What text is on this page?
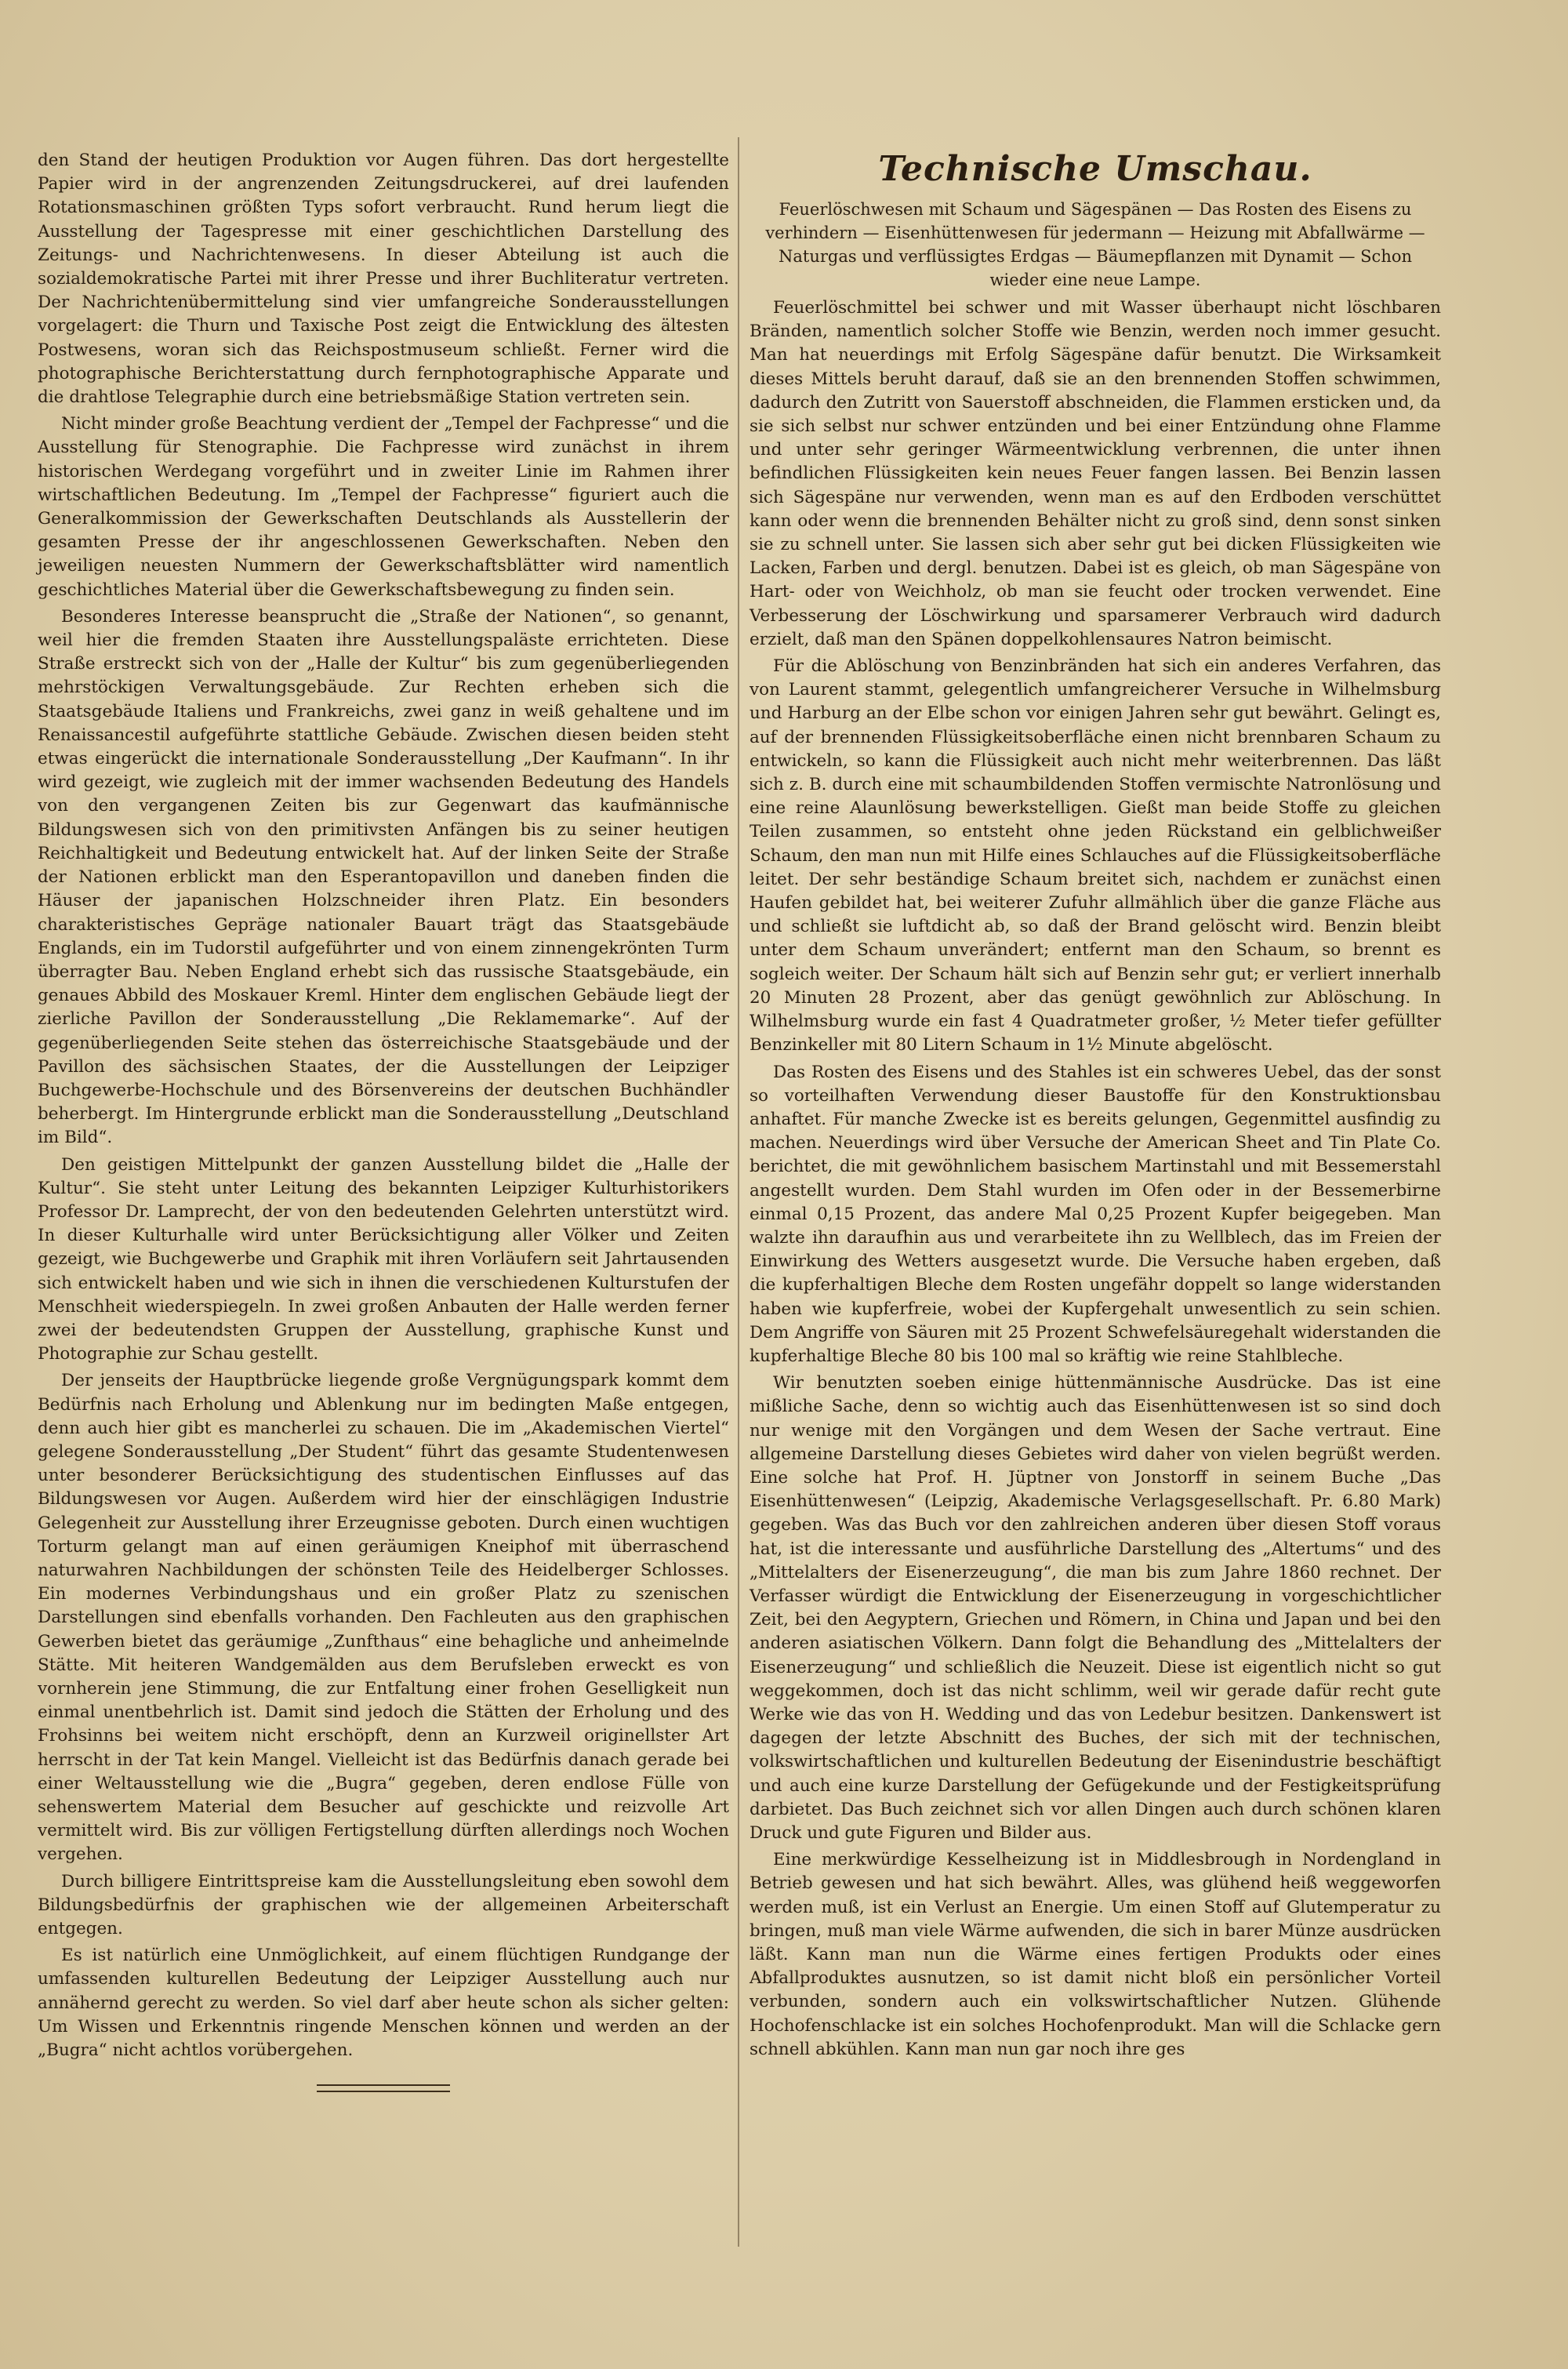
den Stand der heutigen Produktion vor Augen führen. Das dort hergestellte Papier wird in der angrenzenden Zeitungsdruckerei, auf drei laufenden Rotationsmaschinen größten Typs sofort verbraucht. Rund herum liegt die Ausstellung der Tagespresse mit einer geschichtlichen Darstellung des Zeitungs- und Nachrichtenwesens. In dieser Abteilung ist auch die sozialdemokratische Partei mit ihrer Presse und ihrer Buchliteratur vertreten. Der Nachrichtenübermittelung sind vier umfangreiche Sonderausstellungen vorgelagert: die Thurn und Taxische Post zeigt die Entwicklung des ältesten Postwesens, woran sich das Reichspostmuseum schließt. Ferner wird die photographische Berichterstattung durch fernphotographische Apparate und die drahtlose Telegraphie durch eine betriebsmäßige Station vertreten sein.

Nicht minder große Beachtung verdient der „Tempel der Fachpresse“ und die Ausstellung für Stenographie. Die Fachpresse wird zunächst in ihrem historischen Werdegang vorgeführt und in zweiter Linie im Rahmen ihrer wirtschaftlichen Bedeutung. Im „Tempel der Fachpresse“ figuriert auch die Generalkommission der Gewerkschaften Deutschlands als Ausstellerin der gesamten Presse der ihr angeschlossenen Gewerkschaften. Neben den jeweiligen neuesten Nummern der Gewerkschaftsblätter wird namentlich geschichtliches Material über die Gewerkschaftsbewegung zu finden sein.

Besonderes Interesse beansprucht die „Straße der Nationen“, so genannt, weil hier die fremden Staaten ihre Ausstellungspaläste errichteten. Diese Straße erstreckt sich von der „Halle der Kultur“ bis zum gegenüberliegenden mehrstöckigen Verwaltungsgebäude. Zur Rechten erheben sich die Staatsgebäude Italiens und Frankreichs, zwei ganz in weiß gehaltene und im Renaissancestil aufgeführte stattliche Gebäude. Zwischen diesen beiden steht etwas eingerückt die internationale Sonderausstellung „Der Kaufmann“. In ihr wird gezeigt, wie zugleich mit der immer wachsenden Bedeutung des Handels von den vergangenen Zeiten bis zur Gegenwart das kaufmännische Bildungswesen sich von den primitivsten Anfängen bis zu seiner heutigen Reichhaltigkeit und Bedeutung entwickelt hat. Auf der linken Seite der Straße der Nationen erblickt man den Esperantopavillon und daneben finden die Häuser der japanischen Holzschneider ihren Platz. Ein besonders charakteristisches Gepräge nationaler Bauart trägt das Staatsgebäude Englands, ein im Tudorstil aufgeführter und von einem zinnengekrönten Turm überragter Bau. Neben England erhebt sich das russische Staatsgebäude, ein genaues Abbild des Moskauer Kreml. Hinter dem englischen Gebäude liegt der zierliche Pavillon der Sonderausstellung „Die Reklamemarke“. Auf der gegenüberliegenden Seite stehen das österreichische Staatsgebäude und der Pavillon des sächsischen Staates, der die Ausstellungen der Leipziger Buchgewerbe-Hochschule und des Börsenvereins der deutschen Buchhändler beherbergt. Im Hintergrunde erblickt man die Sonderausstellung „Deutschland im Bild“.

Den geistigen Mittelpunkt der ganzen Ausstellung bildet die „Halle der Kultur“. Sie steht unter Leitung des bekannten Leipziger Kulturhistorikers Professor Dr. Lamprecht, der von den bedeutenden Gelehrten unterstützt wird. In dieser Kulturhalle wird unter Berücksichtigung aller Völker und Zeiten gezeigt, wie Buchgewerbe und Graphik mit ihren Vorläufern seit Jahrtausenden sich entwickelt haben und wie sich in ihnen die verschiedenen Kulturstufen der Menschheit wiederspiegeln. In zwei großen Anbauten der Halle werden ferner zwei der bedeutendsten Gruppen der Ausstellung, graphische Kunst und Photographie zur Schau gestellt.

Der jenseits der Hauptbrücke liegende große Vergnügungspark kommt dem Bedürfnis nach Erholung und Ablenkung nur im bedingten Maße entgegen, denn auch hier gibt es mancherlei zu schauen. Die im „Akademischen Viertel“ gelegene Sonderausstellung „Der Student“ führt das gesamte Studentenwesen unter besonderer Berücksichtigung des studentischen Einflusses auf das Bildungswesen vor Augen. Außerdem wird hier der einschlägigen Industrie Gelegenheit zur Ausstellung ihrer Erzeugnisse geboten. Durch einen wuchtigen Torturm gelangt man auf einen geräumigen Kneiphof mit überraschend naturwahren Nachbildungen der schönsten Teile des Heidelberger Schlosses. Ein modernes Verbindungshaus und ein großer Platz zu szenischen Darstellungen sind ebenfalls vorhanden. Den Fachleuten aus den graphischen Gewerben bietet das geräumige „Zunfthaus“ eine behagliche und anheimelnde Stätte. Mit heiteren Wandgemälden aus dem Berufsleben erweckt es von vornherein jene Stimmung, die zur Entfaltung einer frohen Geselligkeit nun einmal unentbehrlich ist. Damit sind jedoch die Stätten der Erholung und des Frohsinns bei weitem nicht erschöpft, denn an Kurzweil originellster Art herrscht in der Tat kein Mangel. Vielleicht ist das Bedürfnis danach gerade bei einer Weltausstellung wie die „Bugra“ gegeben, deren endlose Fülle von sehenswertem Material dem Besucher auf geschickte und reizvolle Art vermittelt wird. Bis zur völligen Fertigstellung dürften allerdings noch Wochen vergehen.

Durch billigere Eintrittspreise kam die Ausstellungsleitung eben sowohl dem Bildungsbedürfnis der graphischen wie der allgemeinen Arbeiterschaft entgegen.

Es ist natürlich eine Unmöglichkeit, auf einem flüchtigen Rundgange der umfassenden kulturellen Bedeutung der Leipziger Ausstellung auch nur annähernd gerecht zu werden. So viel darf aber heute schon als sicher gelten: Um Wissen und Erkenntnis ringende Menschen können und werden an der „Bugra“ nicht achtlos vorübergehen.

Technische Umschau.
Feuerlöschwesen mit Schaum und Sägespänen — Das Rosten des Eisens zu verhindern — Eisenhüttenwesen für jedermann — Heizung mit Abfallwärme — Naturgas und verflüssigtes Erdgas — Bäumepflanzen mit Dynamit — Schon wieder eine neue Lampe.

Feuerlöschmittel bei schwer und mit Wasser überhaupt nicht löschbaren Bränden, namentlich solcher Stoffe wie Benzin, werden noch immer gesucht. Man hat neuerdings mit Erfolg Sägespäne dafür benutzt. Die Wirksamkeit dieses Mittels beruht darauf, daß sie an den brennenden Stoffen schwimmen, dadurch den Zutritt von Sauerstoff abschneiden, die Flammen ersticken und, da sie sich selbst nur schwer entzünden und bei einer Entzündung ohne Flamme und unter sehr geringer Wärmeentwicklung verbrennen, die unter ihnen befindlichen Flüssigkeiten kein neues Feuer fangen lassen. Bei Benzin lassen sich Sägespäne nur verwenden, wenn man es auf den Erdboden verschüttet kann oder wenn die brennenden Behälter nicht zu groß sind, denn sonst sinken sie zu schnell unter. Sie lassen sich aber sehr gut bei dicken Flüssigkeiten wie Lacken, Farben und dergl. benutzen. Dabei ist es gleich, ob man Sägespäne von Hart- oder von Weichholz, ob man sie feucht oder trocken verwendet. Eine Verbesserung der Löschwirkung und sparsamerer Verbrauch wird dadurch erzielt, daß man den Spänen doppelkohlensaures Natron beimischt.

Für die Ablöschung von Benzinbränden hat sich ein anderes Verfahren, das von Laurent stammt, gelegentlich umfangreicherer Versuche in Wilhelmsburg und Harburg an der Elbe schon vor einigen Jahren sehr gut bewährt. Gelingt es, auf der brennenden Flüssigkeitsoberfläche einen nicht brennbaren Schaum zu entwickeln, so kann die Flüssigkeit auch nicht mehr weiterbrennen. Das läßt sich z. B. durch eine mit schaumbildenden Stoffen vermischte Natronlösung und eine reine Alaunlösung bewerkstelligen. Gießt man beide Stoffe zu gleichen Teilen zusammen, so entsteht ohne jeden Rückstand ein gelblichweißer Schaum, den man nun mit Hilfe eines Schlauches auf die Flüssigkeitsoberfläche leitet. Der sehr beständige Schaum breitet sich, nachdem er zunächst einen Haufen gebildet hat, bei weiterer Zufuhr allmählich über die ganze Fläche aus und schließt sie luftdicht ab, so daß der Brand gelöscht wird. Benzin bleibt unter dem Schaum unverändert; entfernt man den Schaum, so brennt es sogleich weiter. Der Schaum hält sich auf Benzin sehr gut; er verliert innerhalb 20 Minuten 28 Prozent, aber das genügt gewöhnlich zur Ablöschung. In Wilhelmsburg wurde ein fast 4 Quadratmeter großer, ½ Meter tiefer gefüllter Benzinkeller mit 80 Litern Schaum in 1½ Minute abgelöscht.

Das Rosten des Eisens und des Stahles ist ein schweres Uebel, das der sonst so vorteilhaften Verwendung dieser Baustoffe für den Konstruktionsbau anhaftet. Für manche Zwecke ist es bereits gelungen, Gegenmittel ausfindig zu machen. Neuerdings wird über Versuche der American Sheet and Tin Plate Co. berichtet, die mit gewöhnlichem basischem Martinstahl und mit Bessemerstahl angestellt wurden. Dem Stahl wurden im Ofen oder in der Bessemerbirne einmal 0,15 Prozent, das andere Mal 0,25 Prozent Kupfer beigegeben. Man walzte ihn daraufhin aus und verarbeitete ihn zu Wellblech, das im Freien der Einwirkung des Wetters ausgesetzt wurde. Die Versuche haben ergeben, daß die kupferhaltigen Bleche dem Rosten ungefähr doppelt so lange widerstanden haben wie kupferfreie, wobei der Kupfergehalt unwesentlich zu sein schien. Dem Angriffe von Säuren mit 25 Prozent Schwefelsäuregehalt widerstanden die kupferhaltige Bleche 80 bis 100 mal so kräftig wie reine Stahlbleche.

Wir benutzten soeben einige hüttenmännische Ausdrücke. Das ist eine mißliche Sache, denn so wichtig auch das Eisenhüttenwesen ist so sind doch nur wenige mit den Vorgängen und dem Wesen der Sache vertraut. Eine allgemeine Darstellung dieses Gebietes wird daher von vielen begrüßt werden. Eine solche hat Prof. H. Jüptner von Jonstorff in seinem Buche „Das Eisenhüttenwesen“ (Leipzig, Akademische Verlagsgesellschaft. Pr. 6.80 Mark) gegeben. Was das Buch vor den zahlreichen anderen über diesen Stoff voraus hat, ist die interessante und ausführliche Darstellung des „Altertums“ und des „Mittelalters der Eisenerzeugung“, die man bis zum Jahre 1860 rechnet. Der Verfasser würdigt die Entwicklung der Eisenerzeugung in vorgeschichtlicher Zeit, bei den Aegyptern, Griechen und Römern, in China und Japan und bei den anderen asiatischen Völkern. Dann folgt die Behandlung des „Mittelalters der Eisenerzeugung“ und schließlich die Neuzeit. Diese ist eigentlich nicht so gut weggekommen, doch ist das nicht schlimm, weil wir gerade dafür recht gute Werke wie das von H. Wedding und das von Ledebur besitzen. Dankenswert ist dagegen der letzte Abschnitt des Buches, der sich mit der technischen, volkswirtschaftlichen und kulturellen Bedeutung der Eisenindustrie beschäftigt und auch eine kurze Darstellung der Gefügekunde und der Festigkeitsprüfung darbietet. Das Buch zeichnet sich vor allen Dingen auch durch schönen klaren Druck und gute Figuren und Bilder aus.

Eine merkwürdige Kesselheizung ist in Middlesbrough in Nordengland in Betrieb gewesen und hat sich bewährt. Alles, was glühend heiß weggeworfen werden muß, ist ein Verlust an Energie. Um einen Stoff auf Glutemperatur zu bringen, muß man viele Wärme aufwenden, die sich in barer Münze ausdrücken läßt. Kann man nun die Wärme eines fertigen Produkts oder eines Abfallproduktes ausnutzen, so ist damit nicht bloß ein persönlicher Vorteil verbunden, sondern auch ein volkswirtschaftlicher Nutzen. Glühende Hochofenschlacke ist ein solches Hochofenprodukt. Man will die Schlacke gern schnell abkühlen. Kann man nun gar noch ihre ges
